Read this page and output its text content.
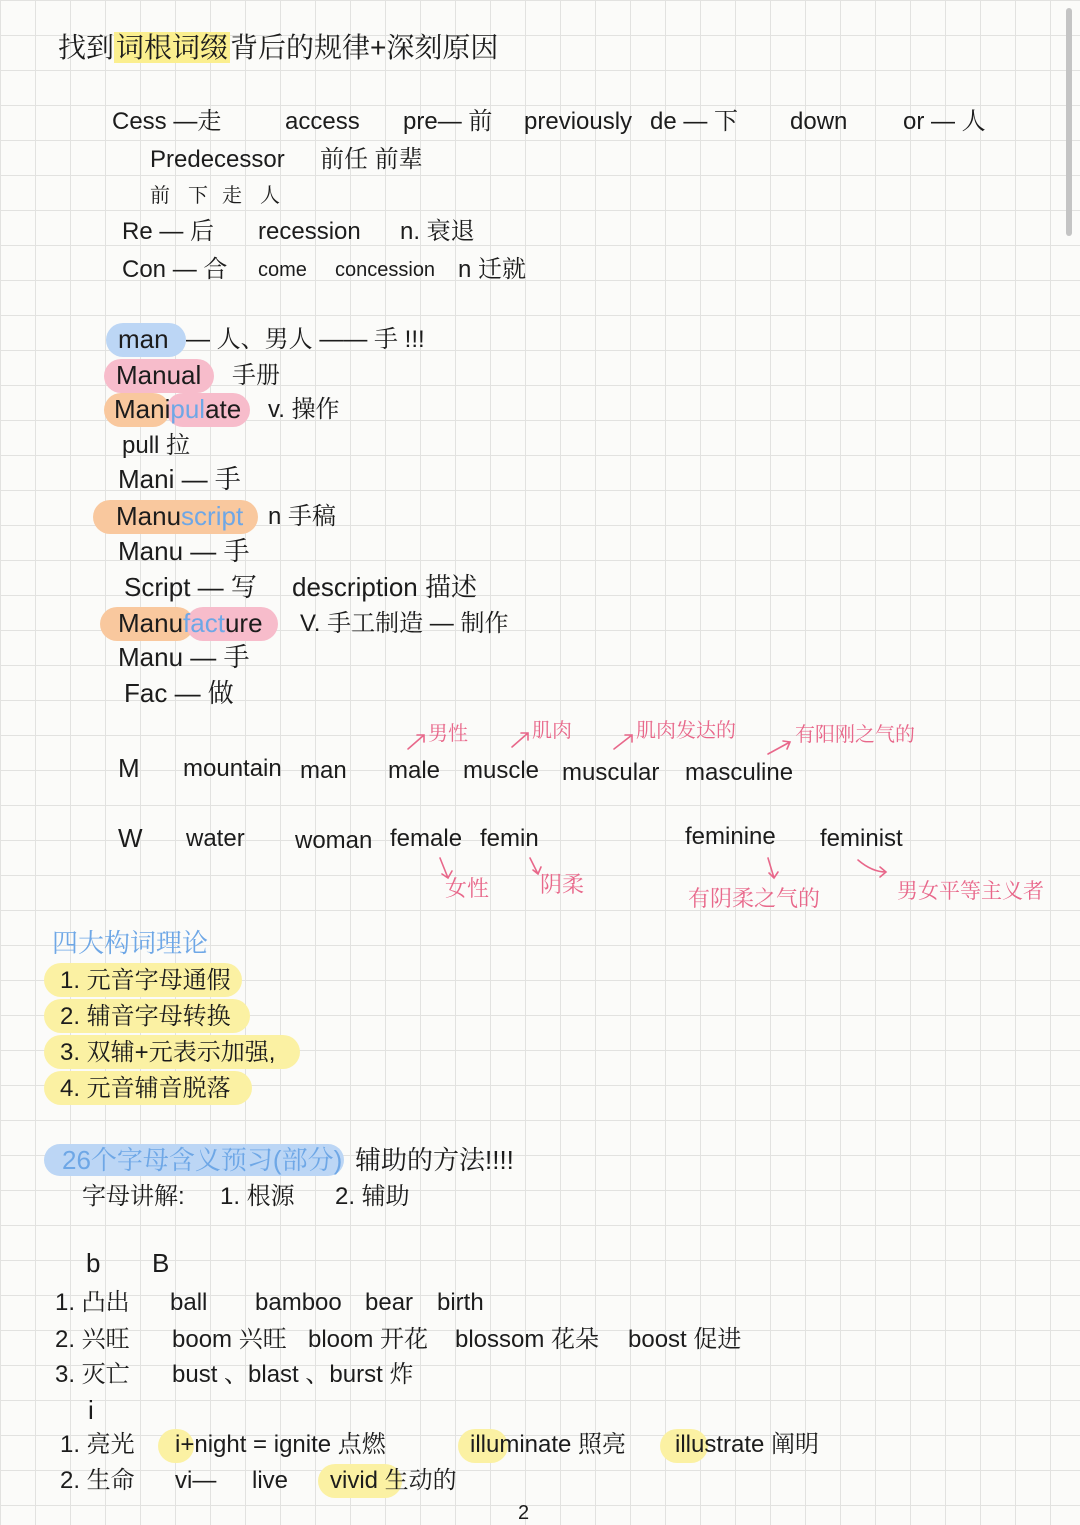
找到词根词缀背后的规律+深刻原因
Cess —走	access pre— 前 previously de — 下 down or — 人
Predecessor 前任 前辈
前 下 走 人
Re — 后 recession n. 衰退
Con — 合 come concession n 迁就
man — 人、男人 —— 手 !!!
Manual 手册
Manipulate v. 操作
pull 拉
Mani — 手
Manuscript n 手稿
Manu — 手
Script — 写 description 描述
Manufacture V. 手工制造 — 制作
Manu — 手
Fac — 做
男性	肌肉	肌肉发达的	有阳刚之气的
M mountain man male muscle muscular masculine
W water woman female femin	feminine feminist
女性 阴柔
有阴柔之气的	男女平等主义者
四大构词理论
1. 元音字母通假
2. 辅音字母转换
3. 双辅+元表示加强,
4. 元音辅音脱落
26个字母含义预习(部分) 辅助的方法!!!!
字母讲解: 1. 根源 2. 辅助
b B
1. 凸出 ball bamboo bear birth
2. 兴旺 boom 兴旺 bloom 开花 blossom 花朵 boost 促进
3. 灭亡 bust 、blast 、burst 炸
i
1. 亮光 i+night = ignite 点燃	illuminate 照亮 illustrate 阐明
2. 生命 vi— live vivid 生动的
2
